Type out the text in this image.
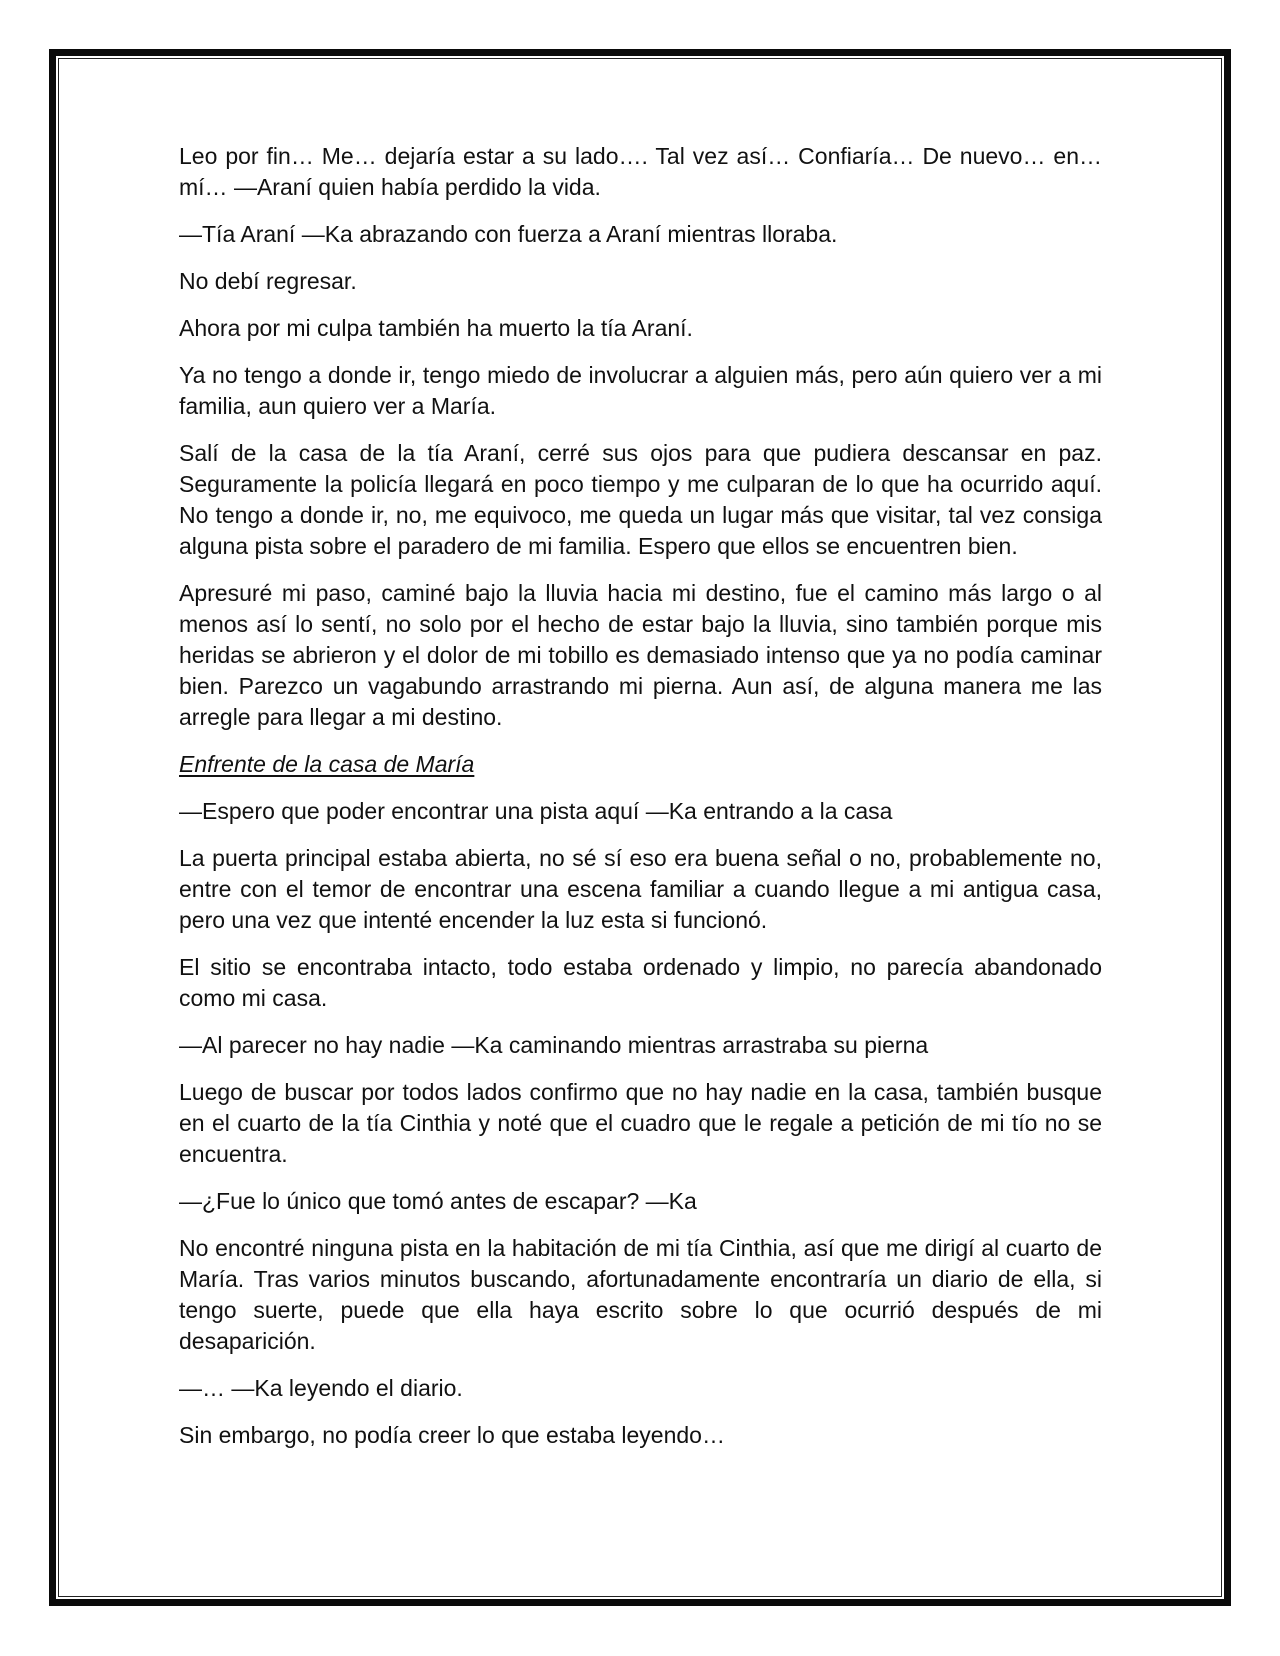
Leo por fin… Me… dejaría estar a su lado…. Tal vez así… Confiaría… De nuevo… en… mí… —Araní quien había perdido la vida.

—Tía Araní —Ka abrazando con fuerza a Araní mientras lloraba.

No debí regresar.

Ahora por mi culpa también ha muerto la tía Araní.

Ya no tengo a donde ir, tengo miedo de involucrar a alguien más, pero aún quiero ver a mi familia, aun quiero ver a María.

Salí de la casa de la tía Araní, cerré sus ojos para que pudiera descansar en paz. Seguramente la policía llegará en poco tiempo y me culparan de lo que ha ocurrido aquí. No tengo a donde ir, no, me equivoco, me queda un lugar más que visitar, tal vez consiga alguna pista sobre el paradero de mi familia. Espero que ellos se encuentren bien.

Apresuré mi paso, caminé bajo la lluvia hacia mi destino, fue el camino más largo o al menos así lo sentí, no solo por el hecho de estar bajo la lluvia, sino también porque mis heridas se abrieron y el dolor de mi tobillo es demasiado intenso que ya no podía caminar bien. Parezco un vagabundo arrastrando mi pierna. Aun así, de alguna manera me las arregle para llegar a mi destino.

Enfrente de la casa de María

—Espero que poder encontrar una pista aquí —Ka entrando a la casa

La puerta principal estaba abierta, no sé sí eso era buena señal o no, probablemente no, entre con el temor de encontrar una escena familiar a cuando llegue a mi antigua casa, pero una vez que intenté encender la luz esta si funcionó.

El sitio se encontraba intacto, todo estaba ordenado y limpio, no parecía abandonado como mi casa.

—Al parecer no hay nadie —Ka caminando mientras arrastraba su pierna

Luego de buscar por todos lados confirmo que no hay nadie en la casa, también busque en el cuarto de la tía Cinthia y noté que el cuadro que le regale a petición de mi tío no se encuentra.

—¿Fue lo único que tomó antes de escapar? —Ka

No encontré ninguna pista en la habitación de mi tía Cinthia, así que me dirigí al cuarto de María. Tras varios minutos buscando, afortunadamente encontraría un diario de ella, si tengo suerte, puede que ella haya escrito sobre lo que ocurrió después de mi desaparición.

—… —Ka leyendo el diario.

Sin embargo, no podía creer lo que estaba leyendo…
